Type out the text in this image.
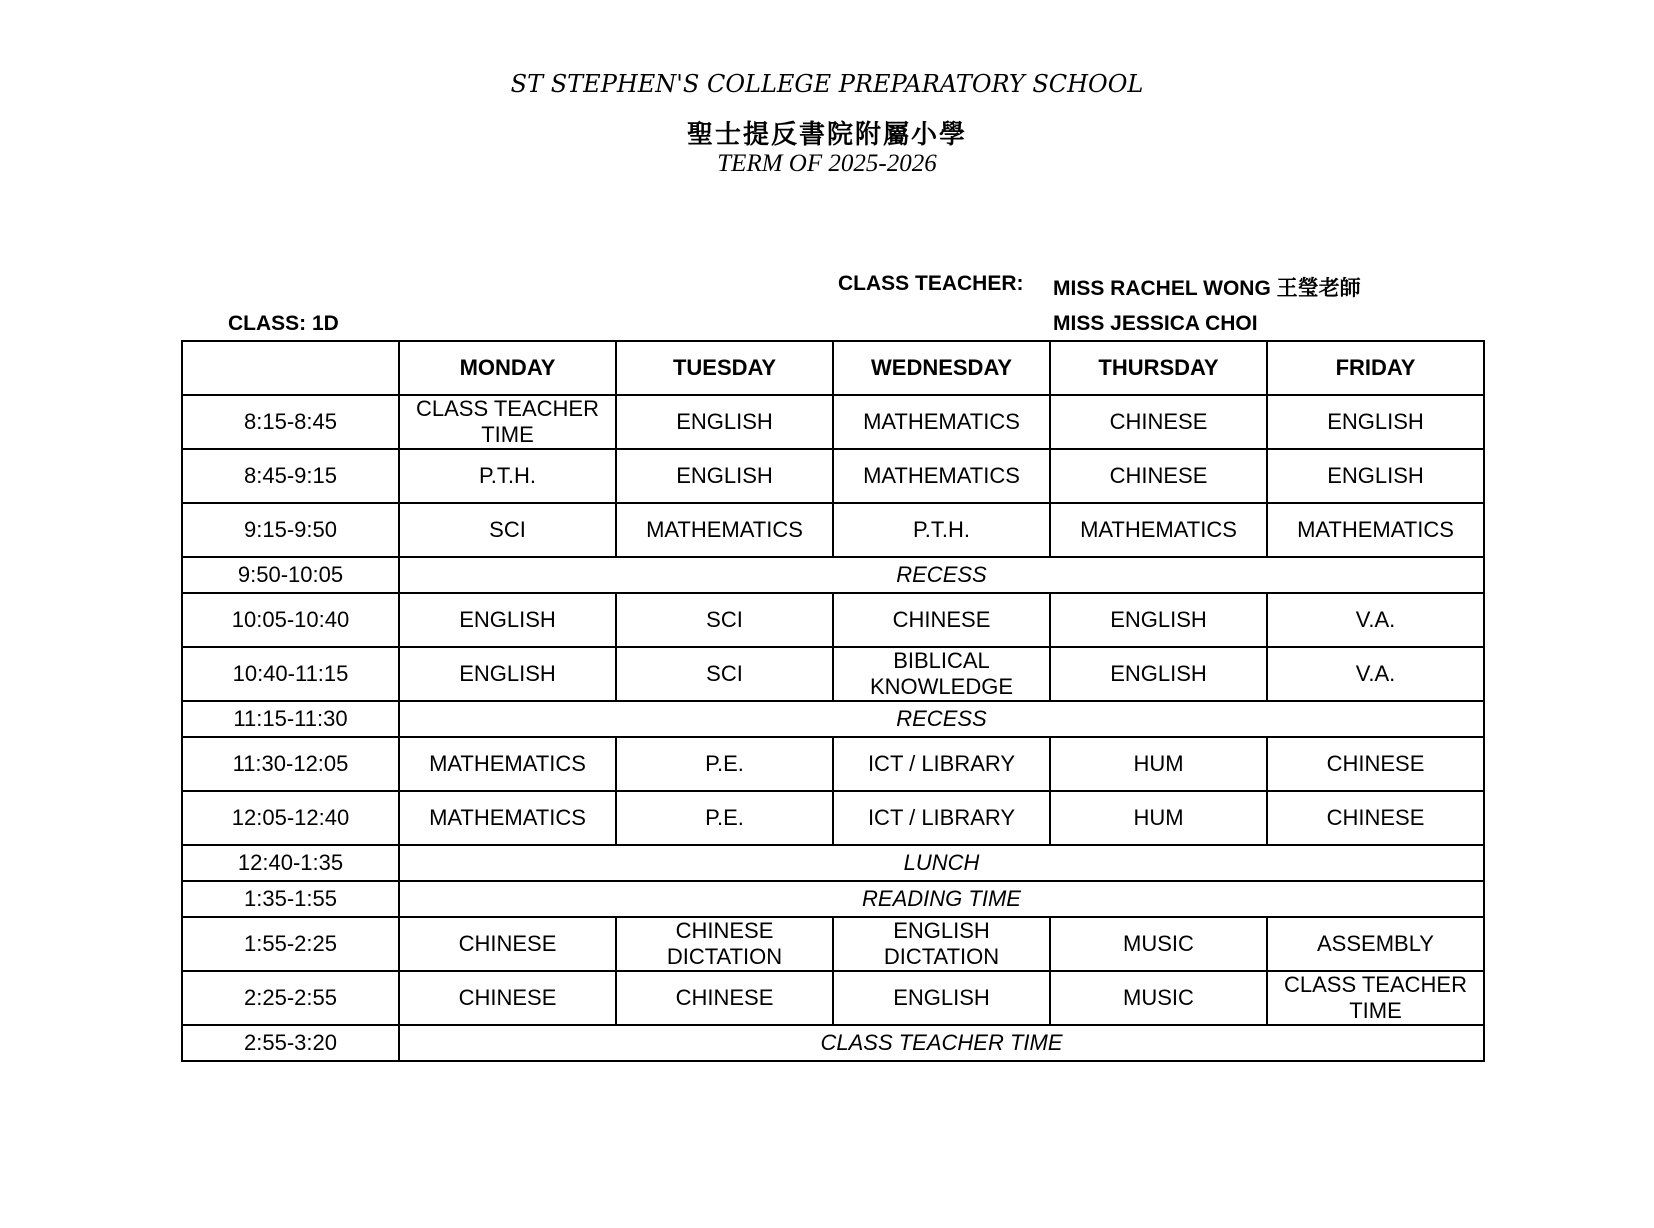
ST STEPHEN'S COLLEGE PREPARATORY SCHOOL
聖士提反書院附屬小學
TERM OF 2025-2026
CLASS TEACHER: MISS RACHEL WONG 王瑩老師
MISS JESSICA CHOI
CLASS: 1D
	MONDAY	TUESDAY	WEDNESDAY	THURSDAY	FRIDAY
8:15-8:45	CLASS TEACHER TIME	ENGLISH	MATHEMATICS	CHINESE	ENGLISH
8:45-9:15	P.T.H.	ENGLISH	MATHEMATICS	CHINESE	ENGLISH
9:15-9:50	SCI	MATHEMATICS	P.T.H.	MATHEMATICS	MATHEMATICS
9:50-10:05	RECESS				
10:05-10:40	ENGLISH	SCI	CHINESE	ENGLISH	V.A.
10:40-11:15	ENGLISH	SCI	BIBLICAL KNOWLEDGE	ENGLISH	V.A.
11:15-11:30	RECESS				
11:30-12:05	MATHEMATICS	P.E.	ICT / LIBRARY	HUM	CHINESE
12:05-12:40	MATHEMATICS	P.E.	ICT / LIBRARY	HUM	CHINESE
12:40-1:35	LUNCH				
1:35-1:55	READING TIME				
1:55-2:25	CHINESE	CHINESE DICTATION	ENGLISH DICTATION	MUSIC	ASSEMBLY
2:25-2:55	CHINESE	CHINESE	ENGLISH	MUSIC	CLASS TEACHER TIME
2:55-3:20	CLASS TEACHER TIME				
